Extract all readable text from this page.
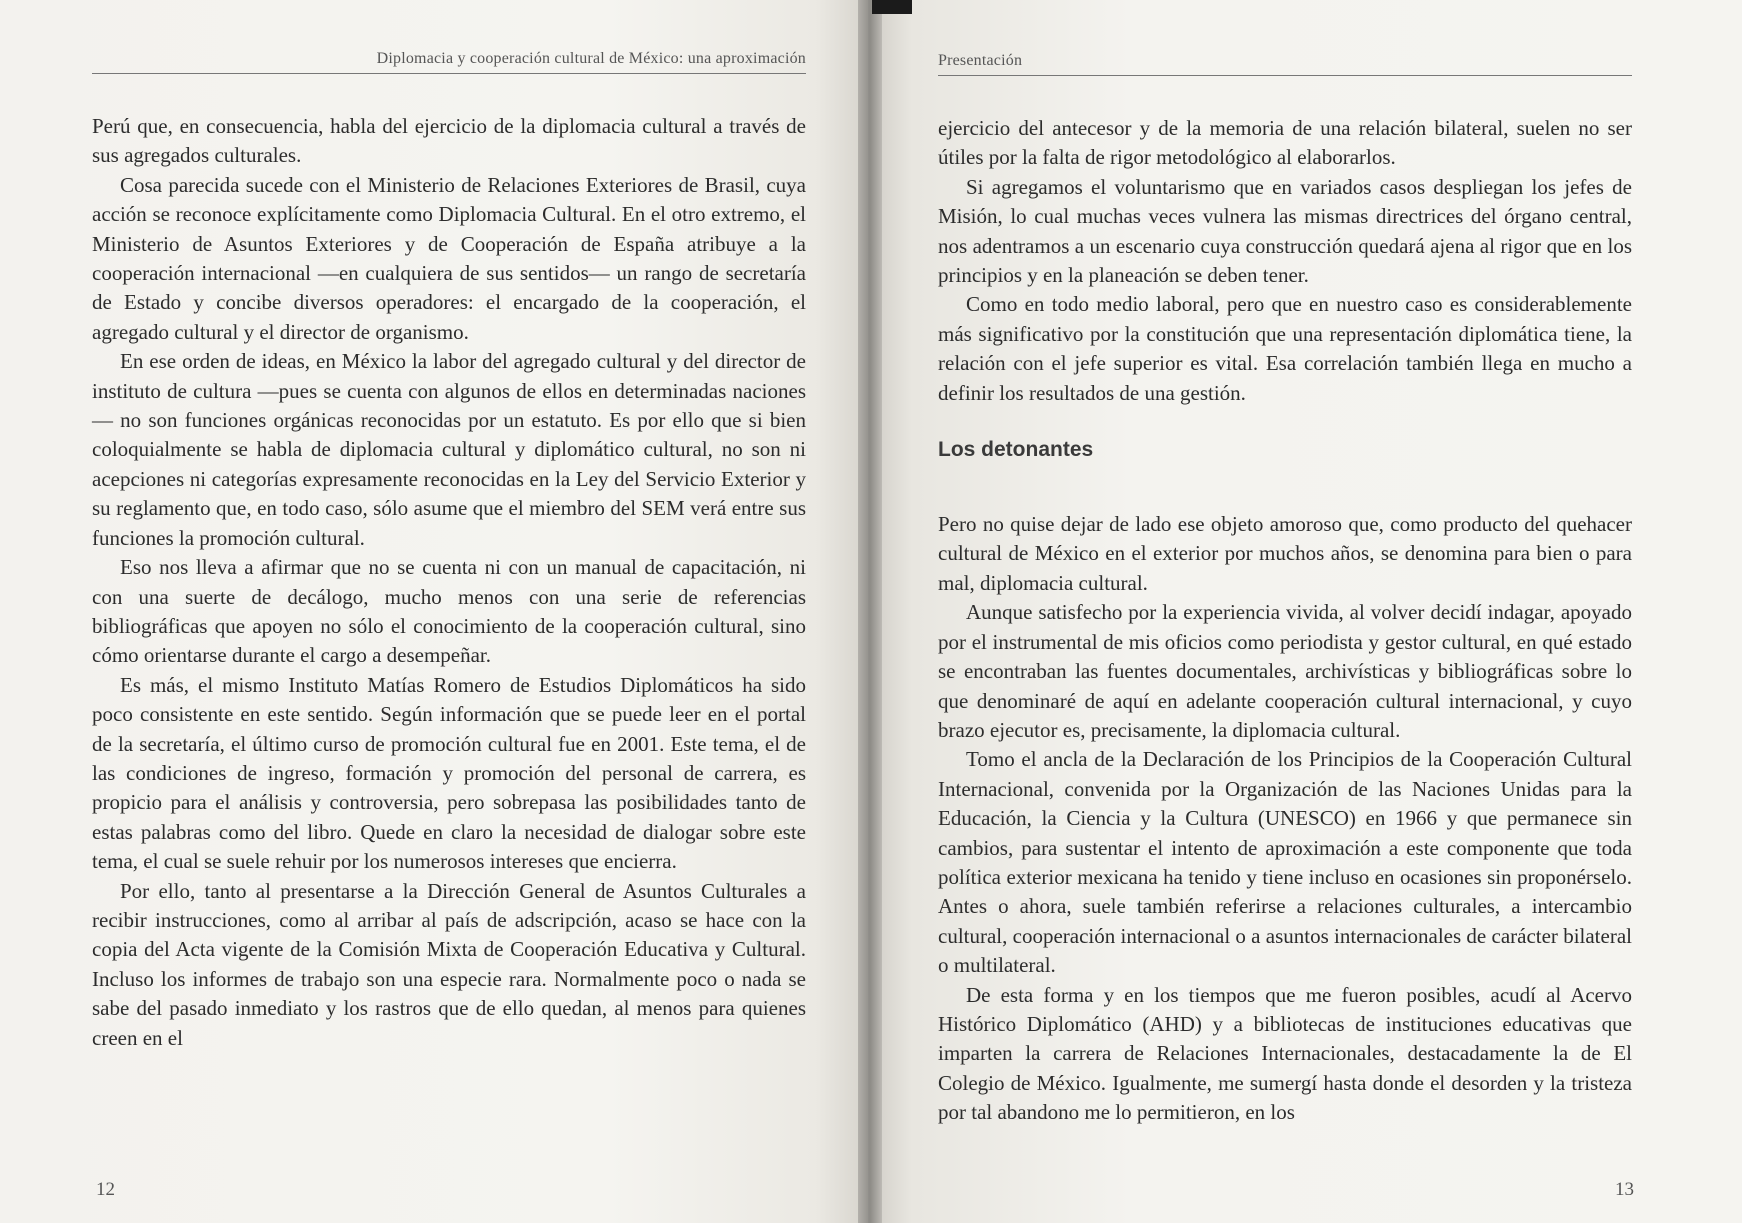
Diplomacia y cooperación cultural de México: una aproximación

Perú que, en consecuencia, habla del ejercicio de la diplomacia cultural a través de sus agregados culturales.

Cosa parecida sucede con el Ministerio de Relaciones Exteriores de Brasil, cuya acción se reconoce explícitamente como Diplomacia Cultural. En el otro extremo, el Ministerio de Asuntos Exteriores y de Cooperación de España atribuye a la cooperación internacional —en cualquiera de sus sentidos— un rango de secretaría de Estado y concibe diversos operadores: el encargado de la cooperación, el agregado cultural y el director de organismo.

En ese orden de ideas, en México la labor del agregado cultural y del director de instituto de cultura —pues se cuenta con algunos de ellos en determinadas naciones— no son funciones orgánicas reconocidas por un estatuto. Es por ello que si bien coloquialmente se habla de diplomacia cultural y diplomático cultural, no son ni acepciones ni categorías expresamente reconocidas en la Ley del Servicio Exterior y su reglamento que, en todo caso, sólo asume que el miembro del SEM verá entre sus funciones la promoción cultural.

Eso nos lleva a afirmar que no se cuenta ni con un manual de capacitación, ni con una suerte de decálogo, mucho menos con una serie de referencias bibliográficas que apoyen no sólo el conocimiento de la cooperación cultural, sino cómo orientarse durante el cargo a desempeñar.

Es más, el mismo Instituto Matías Romero de Estudios Diplomáticos ha sido poco consistente en este sentido. Según información que se puede leer en el portal de la secretaría, el último curso de promoción cultural fue en 2001. Este tema, el de las condiciones de ingreso, formación y promoción del personal de carrera, es propicio para el análisis y controversia, pero sobrepasa las posibilidades tanto de estas palabras como del libro. Quede en claro la necesidad de dialogar sobre este tema, el cual se suele rehuir por los numerosos intereses que encierra.

Por ello, tanto al presentarse a la Dirección General de Asuntos Culturales a recibir instrucciones, como al arribar al país de adscripción, acaso se hace con la copia del Acta vigente de la Comisión Mixta de Cooperación Educativa y Cultural. Incluso los informes de trabajo son una especie rara. Normalmente poco o nada se sabe del pasado inmediato y los rastros que de ello quedan, al menos para quienes creen en el

12
Presentación

ejercicio del antecesor y de la memoria de una relación bilateral, suelen no ser útiles por la falta de rigor metodológico al elaborarlos.

Si agregamos el voluntarismo que en variados casos despliegan los jefes de Misión, lo cual muchas veces vulnera las mismas directrices del órgano central, nos adentramos a un escenario cuya construcción quedará ajena al rigor que en los principios y en la planeación se deben tener.

Como en todo medio laboral, pero que en nuestro caso es considerablemente más significativo por la constitución que una representación diplomática tiene, la relación con el jefe superior es vital. Esa correlación también llega en mucho a definir los resultados de una gestión.

Los detonantes

Pero no quise dejar de lado ese objeto amoroso que, como producto del quehacer cultural de México en el exterior por muchos años, se denomina para bien o para mal, diplomacia cultural.

Aunque satisfecho por la experiencia vivida, al volver decidí indagar, apoyado por el instrumental de mis oficios como periodista y gestor cultural, en qué estado se encontraban las fuentes documentales, archivísticas y bibliográficas sobre lo que denominaré de aquí en adelante cooperación cultural internacional, y cuyo brazo ejecutor es, precisamente, la diplomacia cultural.

Tomo el ancla de la Declaración de los Principios de la Cooperación Cultural Internacional, convenida por la Organización de las Naciones Unidas para la Educación, la Ciencia y la Cultura (UNESCO) en 1966 y que permanece sin cambios, para sustentar el intento de aproximación a este componente que toda política exterior mexicana ha tenido y tiene incluso en ocasiones sin proponérselo. Antes o ahora, suele también referirse a relaciones culturales, a intercambio cultural, cooperación internacional o a asuntos internacionales de carácter bilateral o multilateral.

De esta forma y en los tiempos que me fueron posibles, acudí al Acervo Histórico Diplomático (AHD) y a bibliotecas de instituciones educativas que imparten la carrera de Relaciones Internacionales, destacadamente la de El Colegio de México. Igualmente, me sumergí hasta donde el desorden y la tristeza por tal abandono me lo permitieron, en los

13
